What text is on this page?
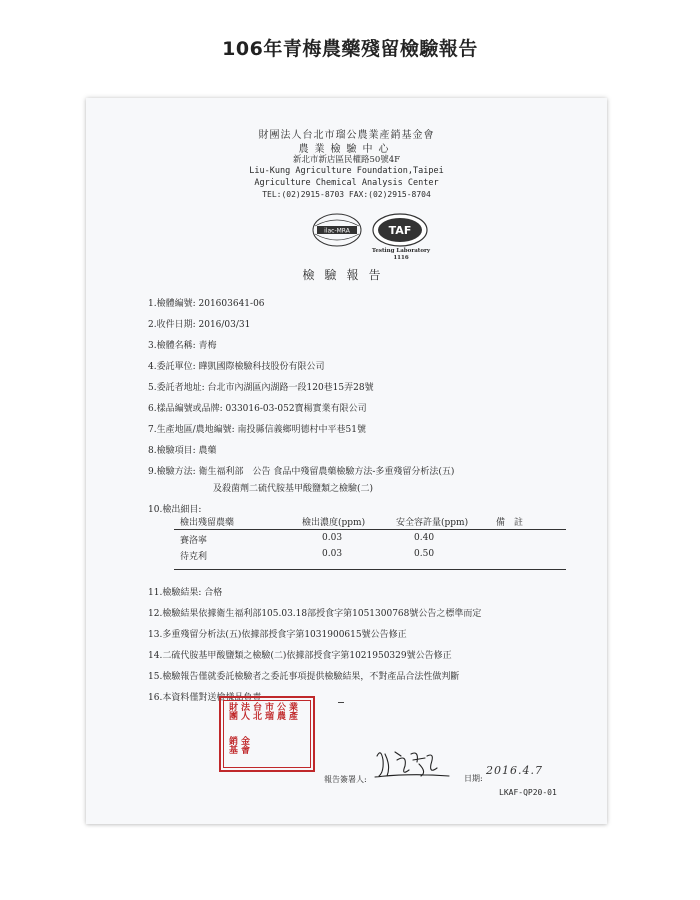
106年青梅農藥殘留檢驗報告
財團法人台北市瑠公農業產銷基金會
農業檢驗中心
新北市新店區民權路50號4F
Liu-Kung Agriculture Foundation,Taipei
Agriculture Chemical Analysis Center
TEL:(02)2915-8703 FAX:(02)2915-8704
ilac-MRA	TAF
Testing Laboratory
1116
檢驗報告
1.檢體編號: 201603641-06
2.收件日期: 2016/03/31
3.檢體名稱: 青梅
4.委託單位: 瞱凱國際檢驗科技股份有限公司
5.委託者地址: 台北市內湖區內湖路一段120巷15弄28號
6.樣品編號或品牌: 033016-03-052寶楊實業有限公司
7.生產地區/農地編號: 南投縣信義鄉明德村中平巷51號
8.檢驗項目: 農藥
9.檢驗方法: 衛生福利部　公告 食品中殘留農藥檢驗方法-多重殘留分析法(五)
及殺菌劑二硫代胺基甲酸鹽類之檢驗(二)
10.檢出細目:
檢出殘留農藥	檢出濃度(ppm)	安全容許量(ppm)	備　註
賽洛寧	0.03	0.40
待克利	0.03	0.50
11.檢驗結果: 合格
12.檢驗結果依據衛生福利部105.03.18部授食字第1051300768號公告之標準而定
13.多重殘留分析法(五)依據部授食字第1031900615號公告修正
14.二硫代胺基甲酸鹽類之檢驗(二)依據部授食字第1021950329號公告修正
15.檢驗報告僅就委託檢驗者之委託事項提供檢驗結果，不對產品合法性做判斷
16.本資料僅對送檢樣品負責
財團 法人 台北 市瑠 公農 業產
銷基 金會
報告簽署人:	日期:
2016.4.7
LKAF-QP20-01
